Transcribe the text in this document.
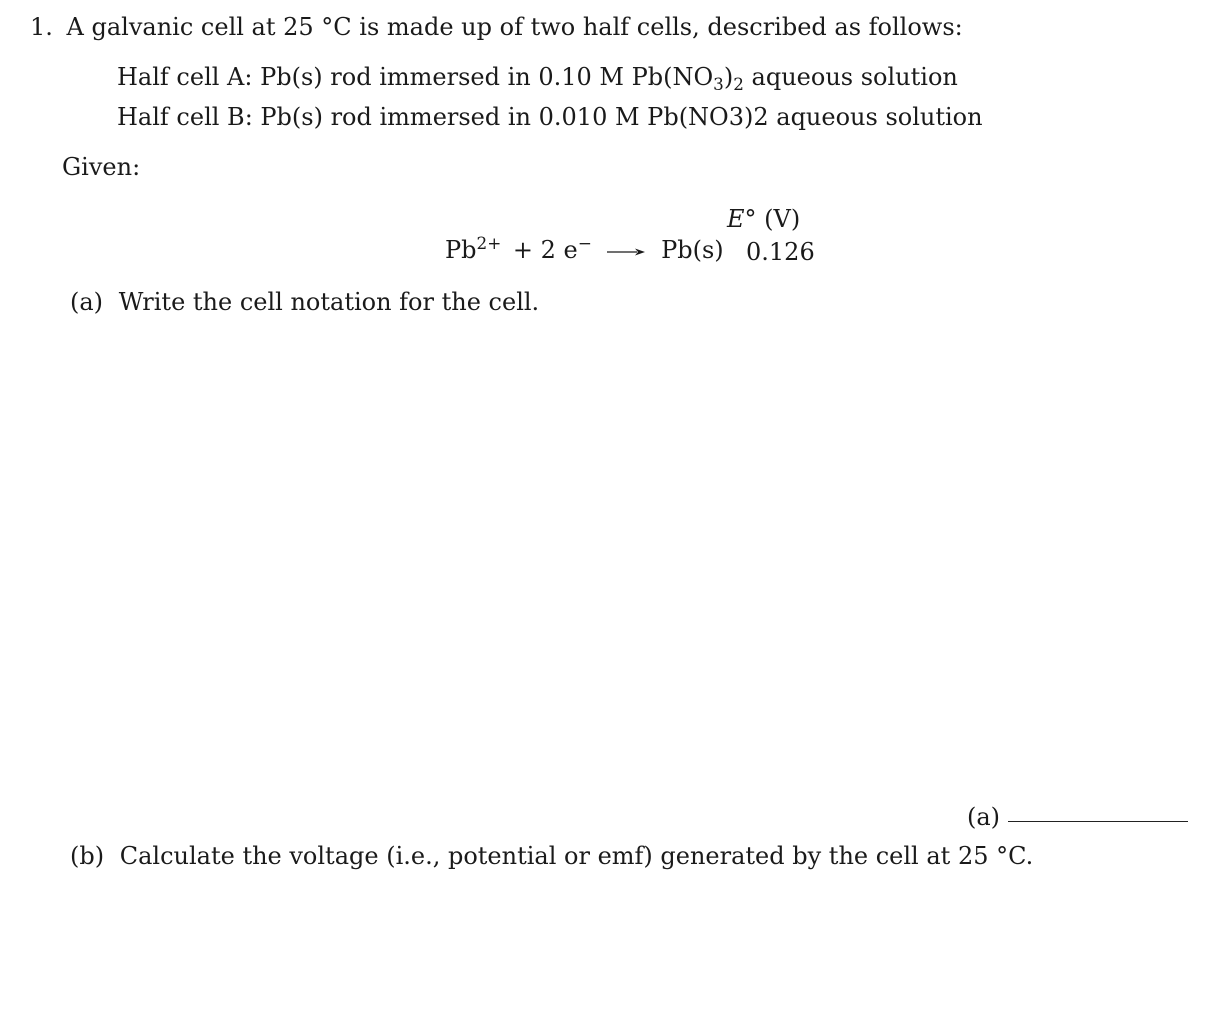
1. A galvanic cell at 25 °C is made up of two half cells, described as follows:
Half cell A: Pb(s) rod immersed in 0.10 M $Pb(NO_3)_2$ aqueous solution
Half cell B: Pb(s) rod immersed in 0.010 M Pb(NO3)2 aqueous solution
Given:
E° (V)
$Pb^{2+} + 2$ e− → Pb(s) 0.126
(a) Write the cell notation for the cell.
(a)
(b) Calculate the voltage (i.e., potential or emf) generated by the cell at 25 °C.
